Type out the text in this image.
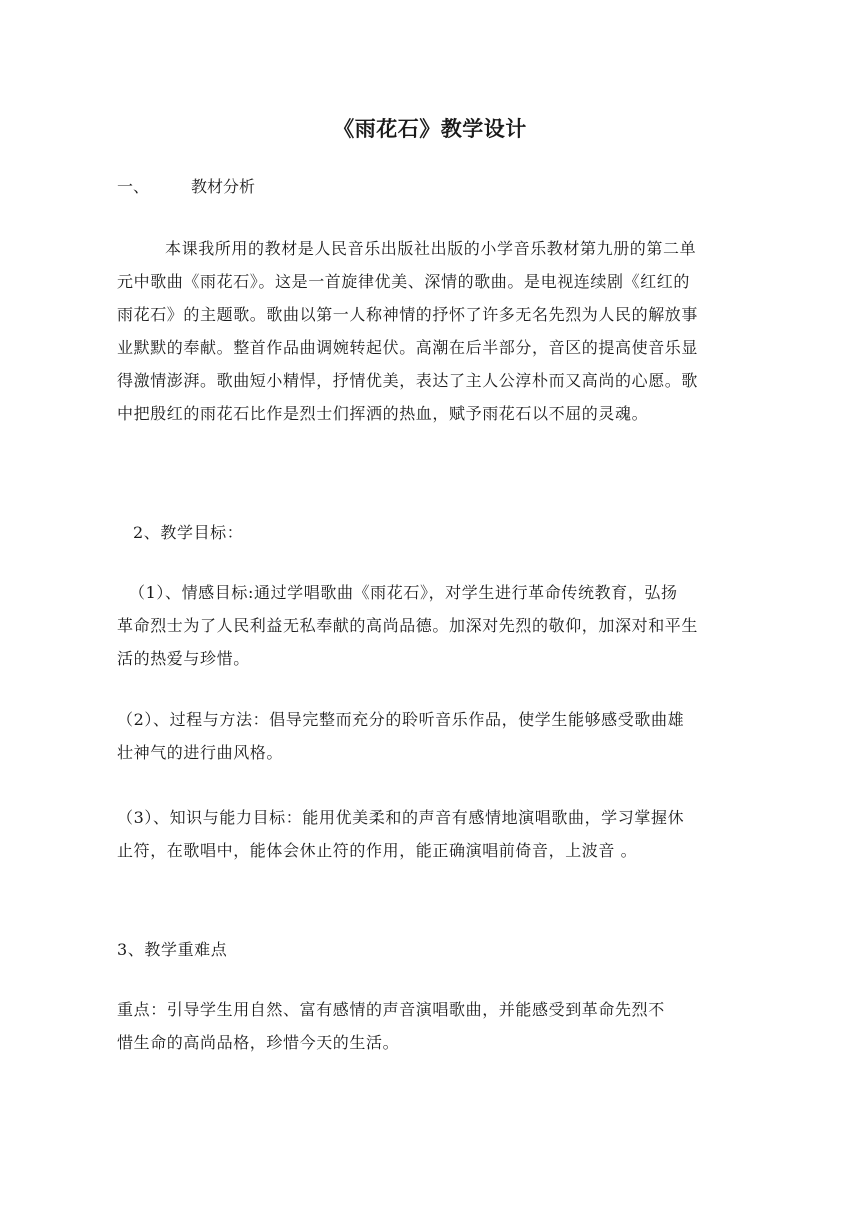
《雨花石》教学设计
一、	教材分析
本课我所用的教材是人民音乐出版社出版的小学音乐教材第九册的第二单
元中歌曲《雨花石》。这是一首旋律优美、深情的歌曲。是电视连续剧《红红的
雨花石》的主题歌。歌曲以第一人称神情的抒怀了许多无名先烈为人民的解放事
业默默的奉献。整首作品曲调婉转起伏。高潮在后半部分，音区的提高使音乐显
得激情澎湃。歌曲短小精悍，抒情优美，表达了主人公淳朴而又高尚的心愿。歌
中把殷红的雨花石比作是烈士们挥洒的热血，赋予雨花石以不屈的灵魂。
2、教学目标：
（1）、情感目标:通过学唱歌曲《雨花石》，对学生进行革命传统教育，弘扬
革命烈士为了人民利益无私奉献的高尚品德。加深对先烈的敬仰，加深对和平生
活的热爱与珍惜。
（2）、过程与方法：倡导完整而充分的聆听音乐作品，使学生能够感受歌曲雄
壮神气的进行曲风格。
（3）、知识与能力目标：能用优美柔和的声音有感情地演唱歌曲，学习掌握休
止符，在歌唱中，能体会休止符的作用，能正确演唱前倚音，上波音 。
3、教学重难点
重点：引导学生用自然、富有感情的声音演唱歌曲，并能感受到革命先烈不
惜生命的高尚品格，珍惜今天的生活。
